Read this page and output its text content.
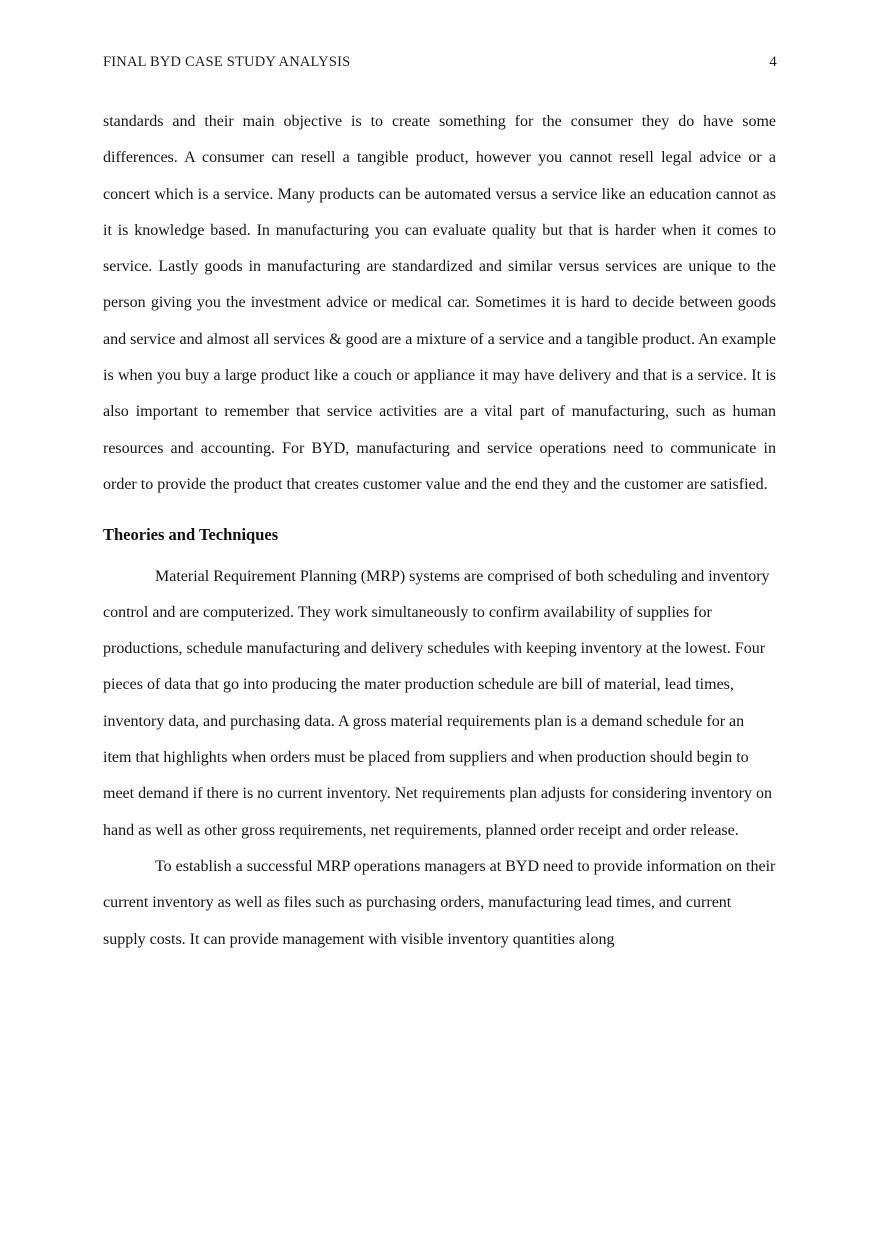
FINAL BYD CASE STUDY ANALYSIS	4

standards and their main objective is to create something for the consumer they do have some differences. A consumer can resell a tangible product, however you cannot resell legal advice or a concert which is a service. Many products can be automated versus a service like an education cannot as it is knowledge based. In manufacturing you can evaluate quality but that is harder when it comes to service. Lastly goods in manufacturing are standardized and similar versus services are unique to the person giving you the investment advice or medical car. Sometimes it is hard to decide between goods and service and almost all services & good are a mixture of a service and a tangible product. An example is when you buy a large product like a couch or appliance it may have delivery and that is a service. It is also important to remember that service activities are a vital part of manufacturing, such as human resources and accounting. For BYD, manufacturing and service operations need to communicate in order to provide the product that creates customer value and the end they and the customer are satisfied.

Theories and Techniques

Material Requirement Planning (MRP) systems are comprised of both scheduling and inventory control and are computerized. They work simultaneously to confirm availability of supplies for productions, schedule manufacturing and delivery schedules with keeping inventory at the lowest. Four pieces of data that go into producing the mater production schedule are bill of material, lead times, inventory data, and purchasing data. A gross material requirements plan is a demand schedule for an item that highlights when orders must be placed from suppliers and when production should begin to meet demand if there is no current inventory. Net requirements plan adjusts for considering inventory on hand as well as other gross requirements, net requirements, planned order receipt and order release.

To establish a successful MRP operations managers at BYD need to provide information on their current inventory as well as files such as purchasing orders, manufacturing lead times, and current supply costs. It can provide management with visible inventory quantities along
